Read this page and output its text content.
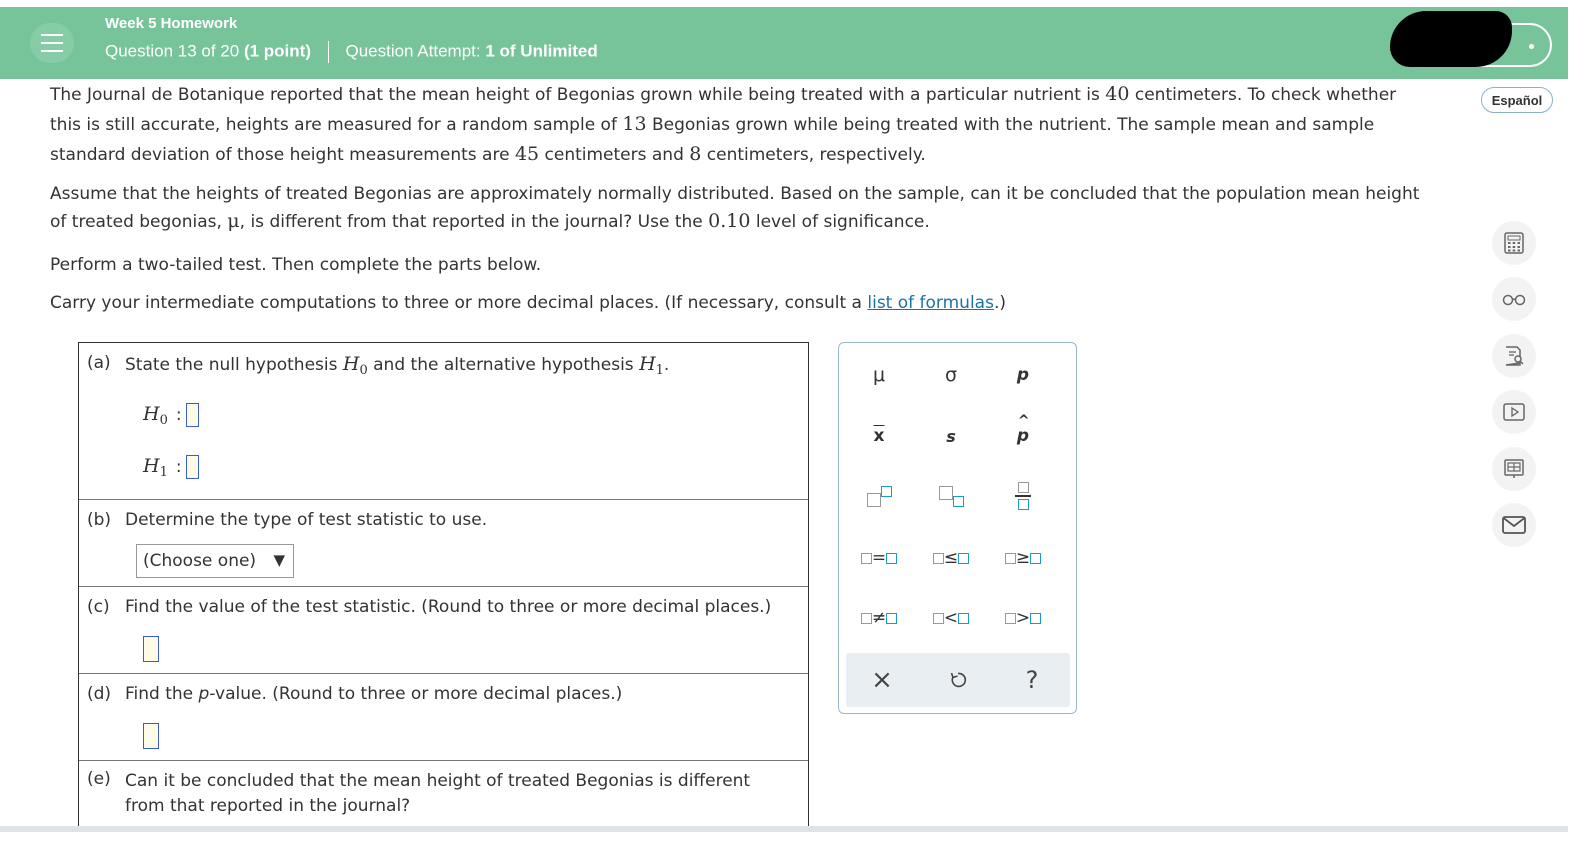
Week 5 Homework
Question 13 of 20 (1 point) Question Attempt: 1 of Unlimited
Español
The Journal de Botanique reported that the mean height of Begonias grown while being treated with a particular nutrient is 40 centimeters. To check whether
this is still accurate, heights are measured for a random sample of 13 Begonias grown while being treated with the nutrient. The sample mean and sample
standard deviation of those height measurements are 45 centimeters and 8 centimeters, respectively.
Assume that the heights of treated Begonias are approximately normally distributed. Based on the sample, can it be concluded that the population mean height
of treated begonias, μ, is different from that reported in the journal? Use the 0.10 level of significance.
Perform a two-tailed test. Then complete the parts below.
Carry your intermediate computations to three or more decimal places. (If necessary, consult a list of formulas.)
(a) State the null hypothesis $H_0$ and the alternative hypothesis $H_1$.
$H_0$ :
$H_1$ :
(b) Determine the type of test statistic to use.
(Choose one) ▼
(c) Find the value of the test statistic. (Round to three or more decimal places.)
(d) Find the p-value. (Round to three or more decimal places.)
(e) Can it be concluded that the mean height of treated Begonias is different
from that reported in the journal?
μ	σ	p
$\overline{x}$	s
^
p
=	≤	≥
≠	<	>
×	?
